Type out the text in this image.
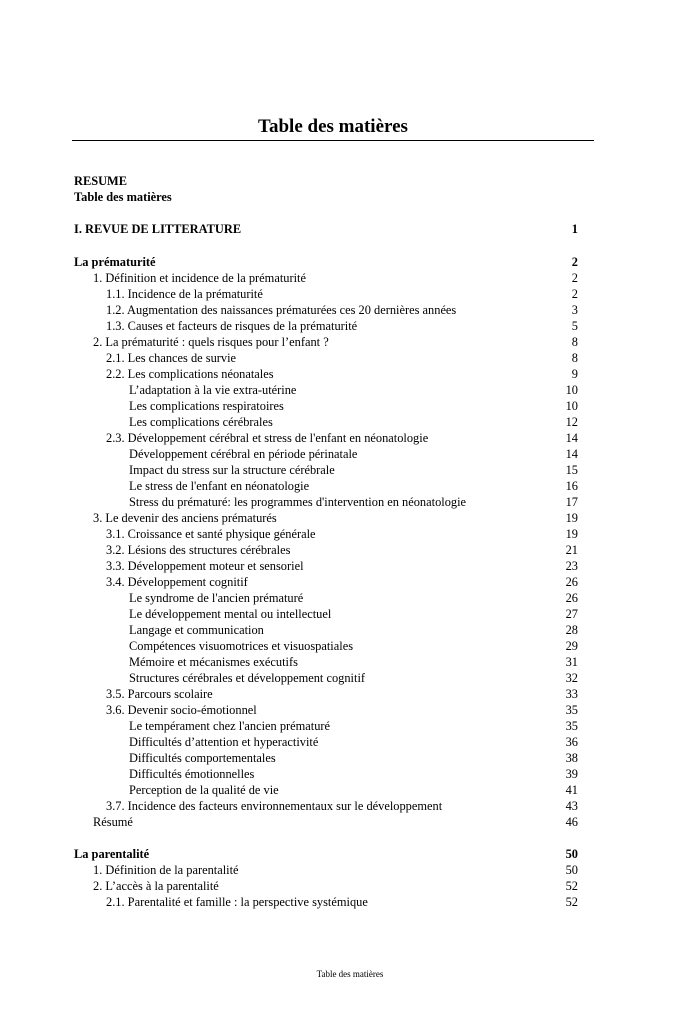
Table des matières
RESUME
Table des matières
I. REVUE DE LITTERATURE	1
La prématurité	2
1. Définition et incidence de la prématurité	2
1.1. Incidence de la prématurité	2
1.2. Augmentation des naissances prématurées ces 20 dernières années	3
1.3. Causes et facteurs de risques de la prématurité	5
2. La prématurité : quels risques pour l’enfant ?	8
2.1. Les chances de survie	8
2.2. Les complications néonatales	9
L’adaptation à la vie extra-utérine	10
Les complications respiratoires	10
Les complications cérébrales	12
2.3. Développement cérébral et stress de l'enfant en néonatologie	14
Développement cérébral en période périnatale	14
Impact du stress sur la structure cérébrale	15
Le stress de l'enfant en néonatologie	16
Stress du prématuré: les programmes d'intervention en néonatologie	17
3. Le devenir des anciens prématurés	19
3.1. Croissance et santé physique générale	19
3.2. Lésions des structures cérébrales	21
3.3. Développement moteur et sensoriel	23
3.4. Développement cognitif	26
Le syndrome de l'ancien prématuré	26
Le développement mental ou intellectuel	27
Langage et communication	28
Compétences visuomotrices et visuospatiales	29
Mémoire et mécanismes exécutifs	31
Structures cérébrales et développement cognitif	32
3.5. Parcours scolaire	33
3.6. Devenir socio-émotionnel	35
Le tempérament chez l'ancien prématuré	35
Difficultés d’attention et hyperactivité	36
Difficultés comportementales	38
Difficultés émotionnelles	39
Perception de la qualité de vie	41
3.7. Incidence des facteurs environnementaux sur le développement	43
Résumé	46
La parentalité	50
1. Définition de la parentalité	50
2. L’accès à la parentalité	52
2.1. Parentalité et famille : la perspective systémique	52
Table des matières
